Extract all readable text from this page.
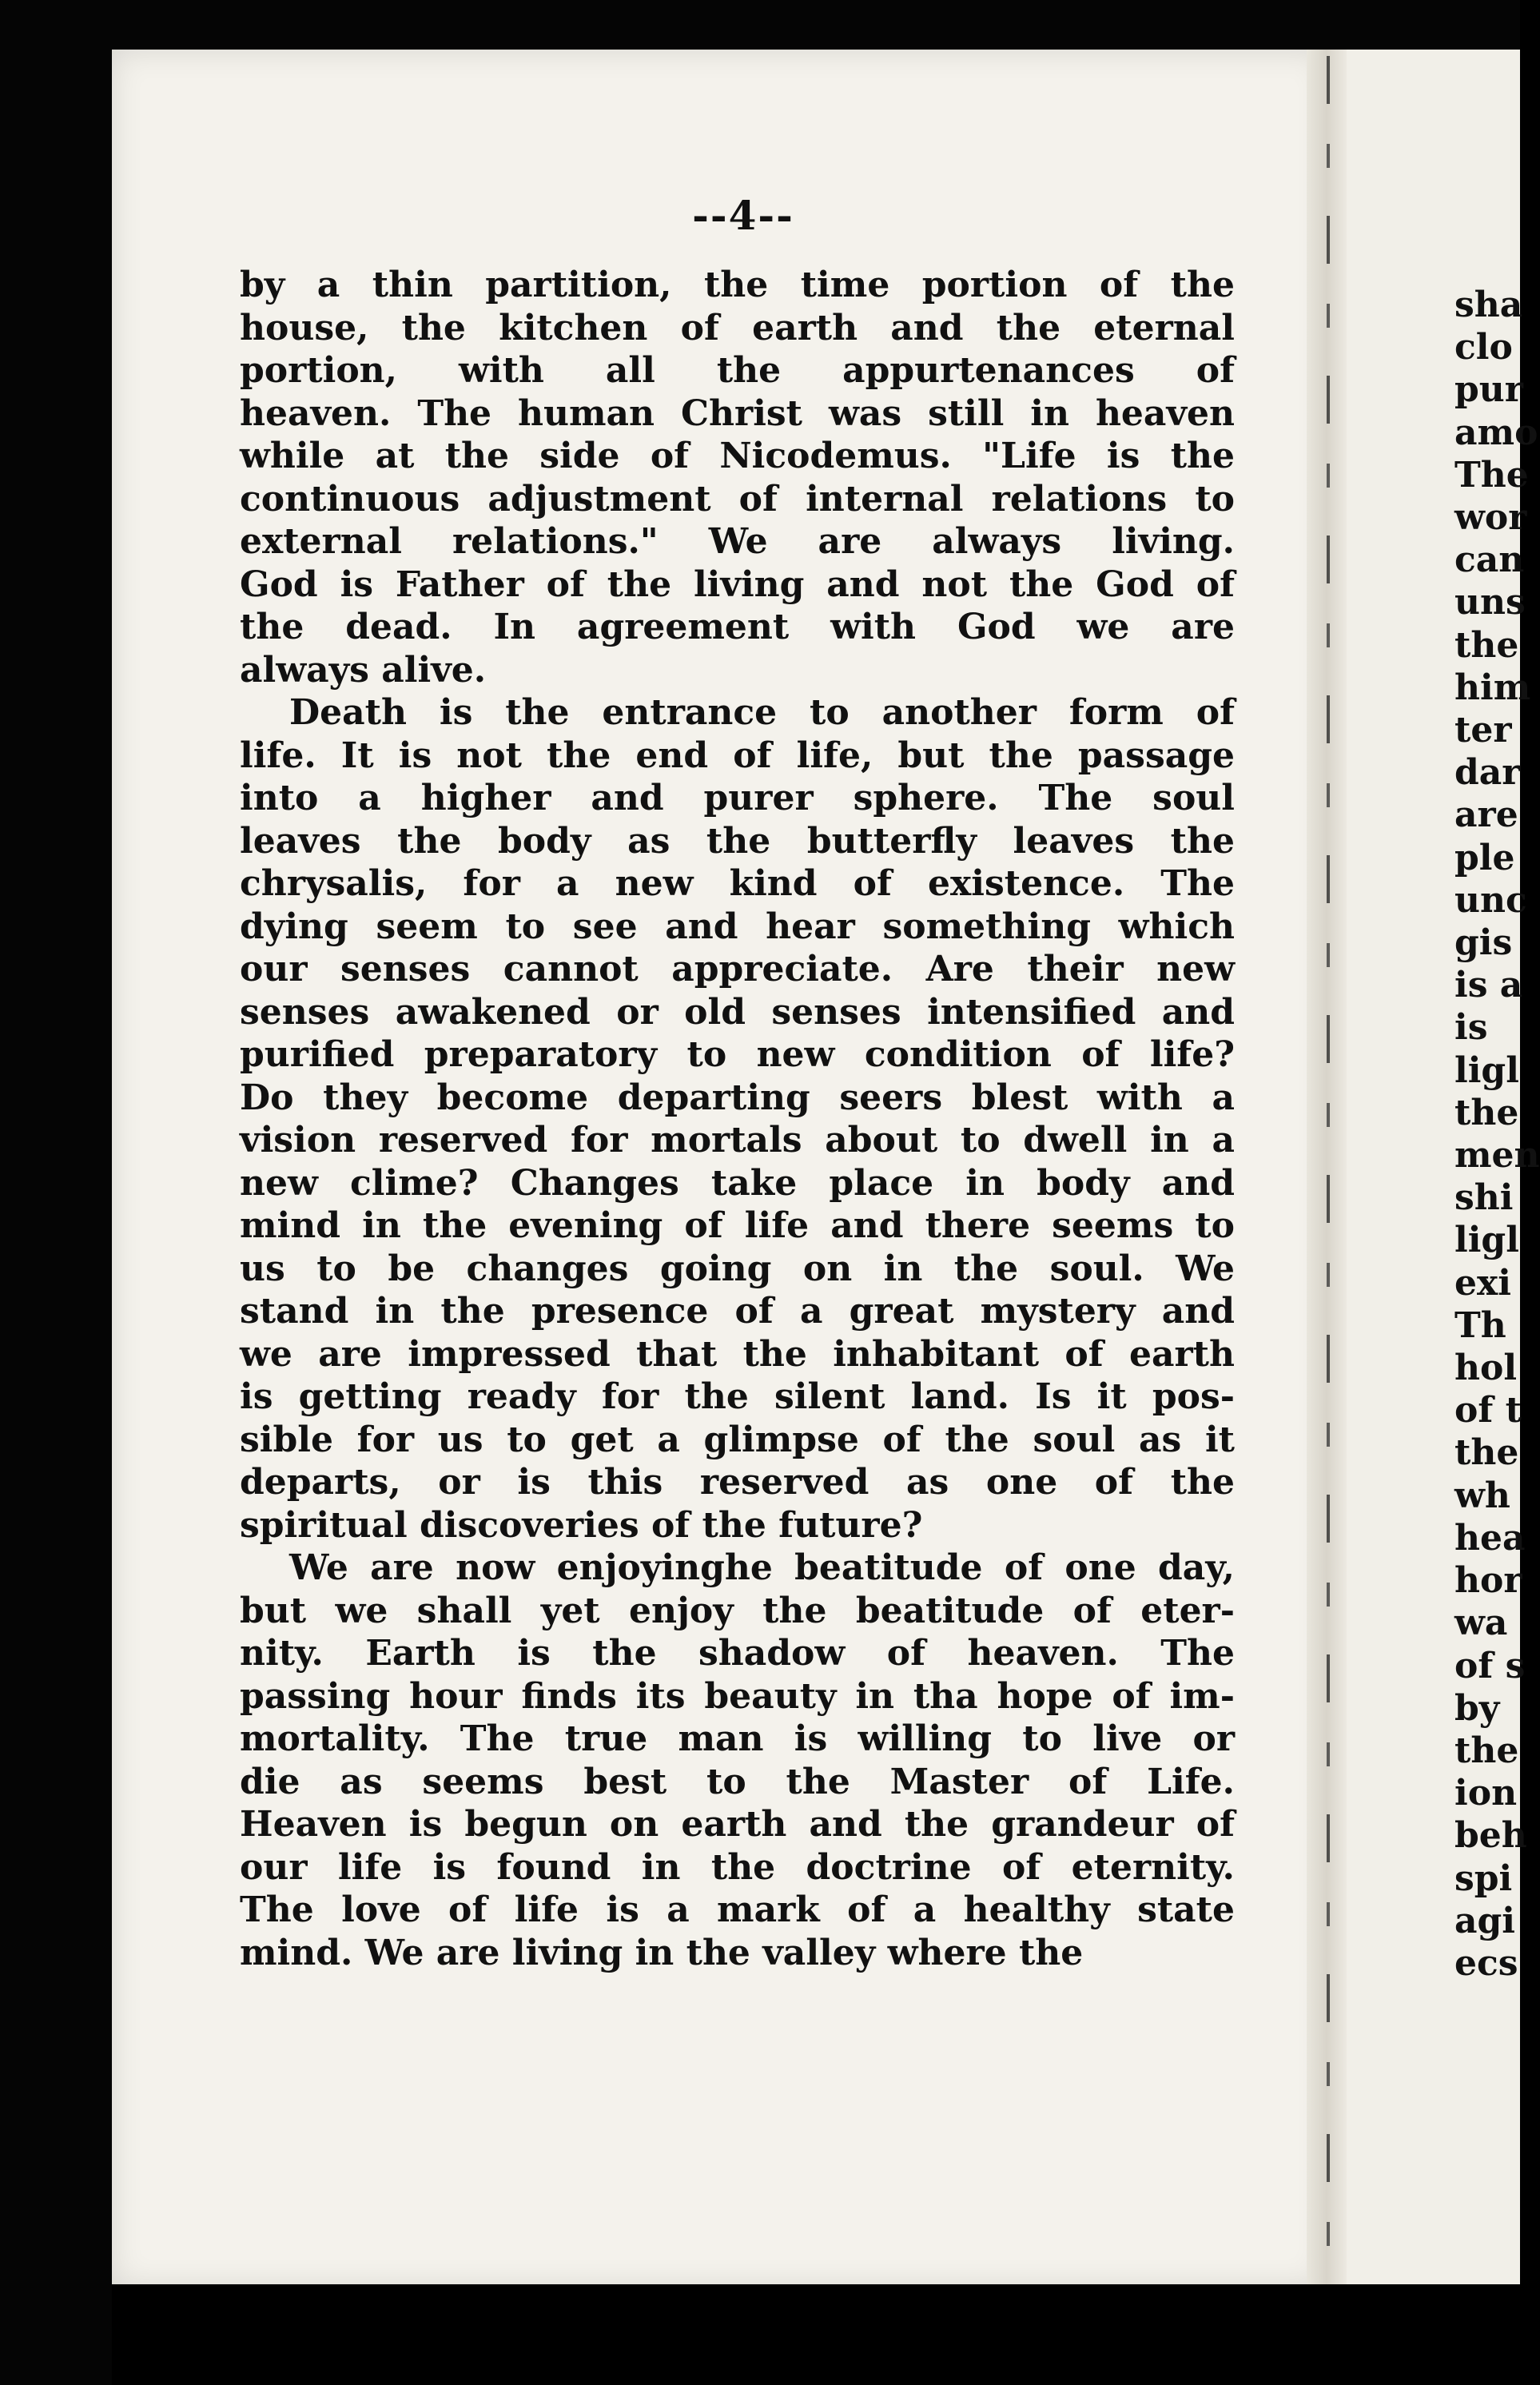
--4--
by a thin partition, the time portion of the
house, the kitchen of earth and the eternal
portion, with all the appurtenances of
heaven. The human Christ was still in heaven
while at the side of Nicodemus. "Life is the
continuous adjustment of internal relations to
external relations." We are always living.
God is Father of the living and not the God of
the dead. In agreement with God we are
always alive.
Death is the entrance to another form of
life. It is not the end of life, but the passage
into a higher and purer sphere. The soul
leaves the body as the butterfly leaves the
chrysalis, for a new kind of existence. The
dying seem to see and hear something which
our senses cannot appreciate. Are their new
senses awakened or old senses intensified and
purified preparatory to new condition of life?
Do they become departing seers blest with a
vision reserved for mortals about to dwell in a
new clime? Changes take place in body and
mind in the evening of life and there seems to
us to be changes going on in the soul. We
stand in the presence of a great mystery and
we are impressed that the inhabitant of earth
is getting ready for the silent land. Is it pos-
sible for us to get a glimpse of the soul as it
departs, or is this reserved as one of the
spiritual discoveries of the future?
We are now enjoyinghe beatitude of one day,
but we shall yet enjoy the beatitude of eter-
nity. Earth is the shadow of heaven. The
passing hour finds its beauty in tha hope of im-
mortality. The true man is willing to live or
die as seems best to the Master of Life.
Heaven is begun on earth and the grandeur of
our life is found in the doctrine of eternity.
The love of life is a mark of a healthy state
mind. We are living in the valley where the
sha
clo
pur
amo
The
wor
can
uns
the
him
ter
dar
are
ple
unc
gis
is a
is
ligl
the
men
shi
ligl
exi
Th
hol
of t
the
wh
hea
hor
wa
of s
by
the
ion
beh
spi
agi
ecs
